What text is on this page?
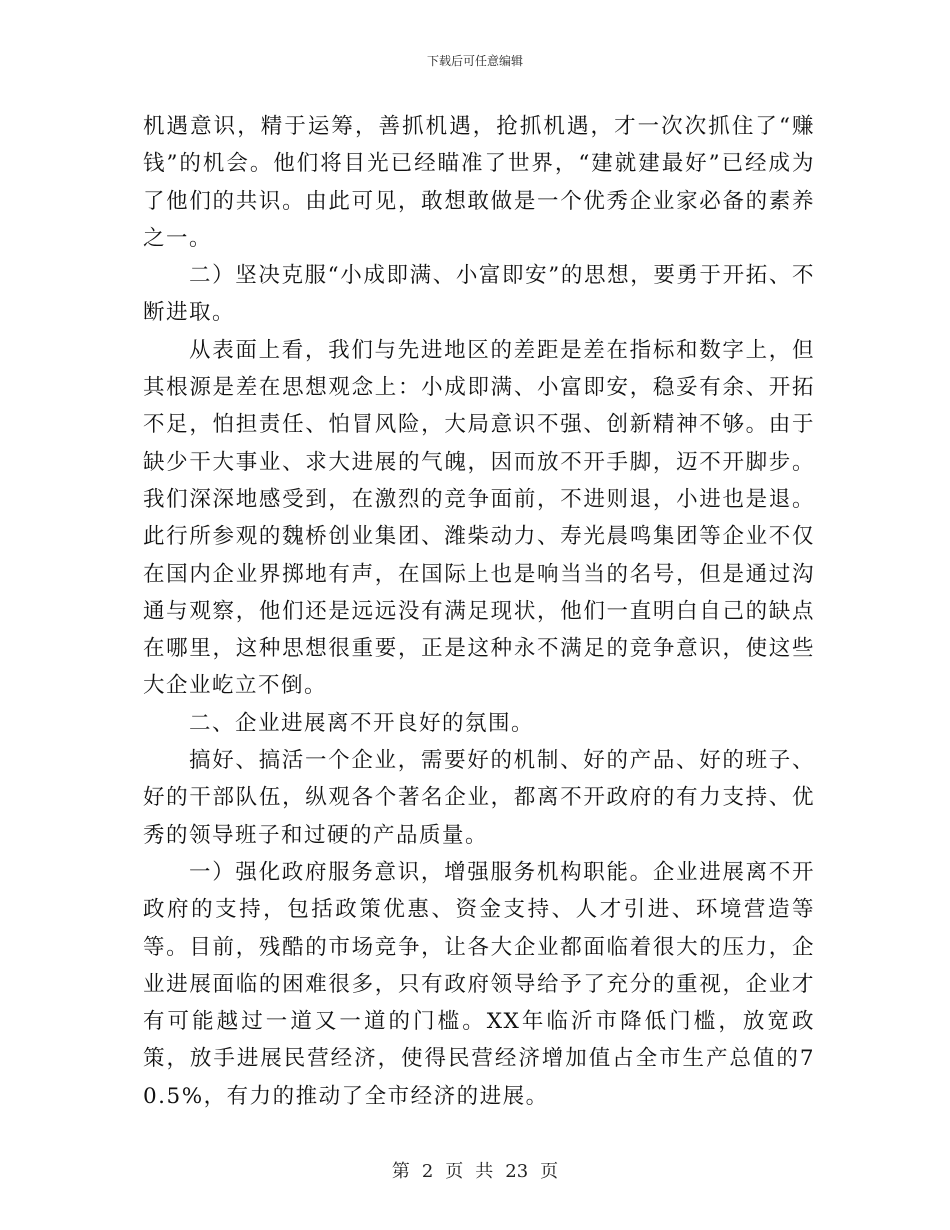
下载后可任意编辑

机遇意识，精于运筹，善抓机遇，抢抓机遇，才一次次抓住了“赚钱”的机会。他们将目光已经瞄准了世界，“建就建最好”已经成为了他们的共识。由此可见，敢想敢做是一个优秀企业家必备的素养之一。

二）坚决克服“小成即满、小富即安”的思想，要勇于开拓、不断进取。

从表面上看，我们与先进地区的差距是差在指标和数字上，但其根源是差在思想观念上：小成即满、小富即安，稳妥有余、开拓不足，怕担责任、怕冒风险，大局意识不强、创新精神不够。由于缺少干大事业、求大进展的气魄，因而放不开手脚，迈不开脚步。我们深深地感受到，在激烈的竞争面前，不进则退，小进也是退。此行所参观的魏桥创业集团、潍柴动力、寿光晨鸣集团等企业不仅在国内企业界掷地有声，在国际上也是响当当的名号，但是通过沟通与观察，他们还是远远没有满足现状，他们一直明白自己的缺点在哪里，这种思想很重要，正是这种永不满足的竞争意识，使这些大企业屹立不倒。

二、企业进展离不开良好的氛围。

搞好、搞活一个企业，需要好的机制、好的产品、好的班子、好的干部队伍，纵观各个著名企业，都离不开政府的有力支持、优秀的领导班子和过硬的产品质量。

一）强化政府服务意识，增强服务机构职能。企业进展离不开政府的支持，包括政策优惠、资金支持、人才引进、环境营造等等。目前，残酷的市场竞争，让各大企业都面临着很大的压力，企业进展面临的困难很多，只有政府领导给予了充分的重视，企业才有可能越过一道又一道的门槛。XX年临沂市降低门槛，放宽政策，放手进展民营经济，使得民营经济增加值占全市生产总值的70.5%，有力的推动了全市经济的进展。

第 2 页 共 23 页
